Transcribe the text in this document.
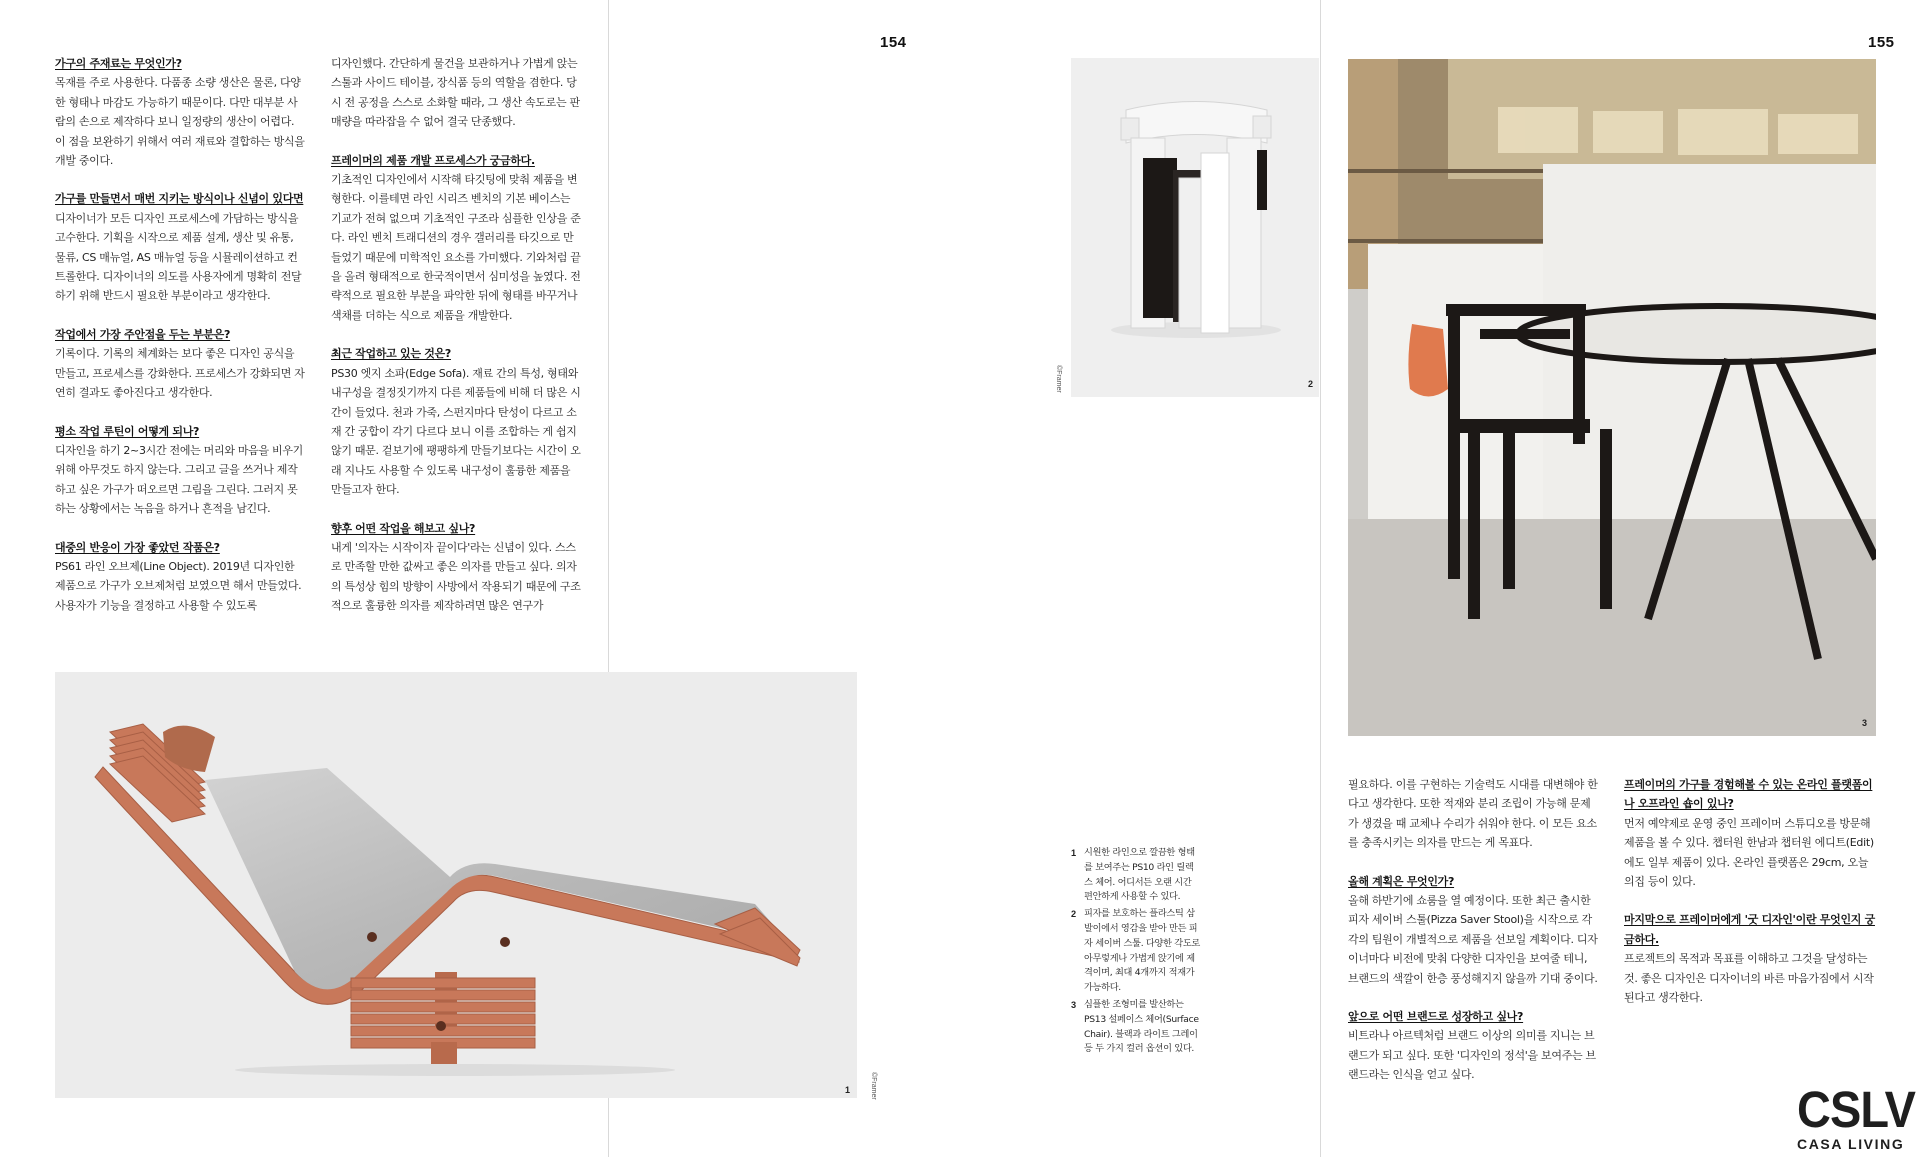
154	155
가구의 주재료는 무엇인가?
목재를 주로 사용한다. 다품종 소량 생산은 물론, 다양한 형태나 마감도 가능하기 때문이다. 다만 대부분 사람의 손으로 제작하다 보니 일정량의 생산이 어렵다. 이 점을 보완하기 위해서 여러 재료와 결합하는 방식을 개발 중이다.
가구를 만들면서 매번 지키는 방식이나 신념이 있다면
디자이너가 모든 디자인 프로세스에 가담하는 방식을 고수한다. 기획을 시작으로 제품 설계, 생산 및 유통, 물류, CS 매뉴얼, AS 매뉴얼 등을 시뮬레이션하고 컨트롤한다. 디자이너의 의도를 사용자에게 명확히 전달하기 위해 반드시 필요한 부분이라고 생각한다.
작업에서 가장 주안점을 두는 부분은?
기록이다. 기록의 체계화는 보다 좋은 디자인 공식을 만들고, 프로세스를 강화한다. 프로세스가 강화되면 자연히 결과도 좋아진다고 생각한다.
평소 작업 루틴이 어떻게 되나?
디자인을 하기 2~3시간 전에는 머리와 마음을 비우기 위해 아무것도 하지 않는다. 그리고 글을 쓰거나 제작하고 싶은 가구가 떠오르면 그림을 그린다. 그러지 못하는 상황에서는 녹음을 하거나 흔적을 남긴다.
대중의 반응이 가장 좋았던 작품은?
PS61 라인 오브제(Line Object). 2019년 디자인한 제품으로 가구가 오브제처럼 보였으면 해서 만들었다. 사용자가 기능을 결정하고 사용할 수 있도록
디자인했다. 간단하게 물건을 보관하거나 가볍게 앉는 스툴과 사이드 테이블, 장식품 등의 역할을 겸한다. 당시 전 공정을 스스로 소화할 때라, 그 생산 속도로는 판매량을 따라잡을 수 없어 결국 단종했다.
프레이머의 제품 개발 프로세스가 궁금하다.
기초적인 디자인에서 시작해 타깃팅에 맞춰 제품을 변형한다. 이를테면 라인 시리즈 벤치의 기본 베이스는 기교가 전혀 없으며 기초적인 구조라 심플한 인상을 준다. 라인 벤치 트래디션의 경우 갤러리를 타깃으로 만들었기 때문에 미학적인 요소를 가미했다. 기와처럼 끝을 올려 형태적으로 한국적이면서 심미성을 높였다. 전략적으로 필요한 부분을 파악한 뒤에 형태를 바꾸거나 색채를 더하는 식으로 제품을 개발한다.
최근 작업하고 있는 것은?
PS30 엣지 소파(Edge Sofa). 재료 간의 특성, 형태와 내구성을 결정짓기까지 다른 제품들에 비해 더 많은 시간이 들었다. 천과 가죽, 스펀지마다 탄성이 다르고 소재 간 궁합이 각기 다르다 보니 이를 조합하는 게 쉽지 않기 때문. 겉보기에 팽팽하게 만들기보다는 시간이 오래 지나도 사용할 수 있도록 내구성이 훌륭한 제품을 만들고자 한다.
향후 어떤 작업을 해보고 싶나?
내게 '의자는 시작이자 끝이다'라는 신념이 있다. 스스로 만족할 만한 값싸고 좋은 의자를 만들고 싶다. 의자의 특성상 힘의 방향이 사방에서 작용되기 때문에 구조적으로 훌륭한 의자를 제작하려면 많은 연구가
1	©Framer
2
©Framer
3
1 시원한 라인으로 깔끔한 형태를 보여주는 PS10 라인 릴렉스 체어. 어디서든 오랜 시간 편안하게 사용할 수 있다.
2 피자를 보호하는 플라스틱 삼발이에서 영감을 받아 만든 피자 세이버 스툴. 다양한 각도로 아무렇게나 가볍게 앉기에 제격이며, 최대 4개까지 적재가 가능하다.
3 심플한 조형미를 발산하는 PS13 설페이스 체어(Surface Chair). 블랙과 라이트 그레이 등 두 가지 컬러 옵션이 있다.
필요하다. 이를 구현하는 기술력도 시대를 대변해야 한다고 생각한다. 또한 적재와 분리 조립이 가능해 문제가 생겼을 때 교체나 수리가 쉬워야 한다. 이 모든 요소를 충족시키는 의자를 만드는 게 목표다.
올해 계획은 무엇인가?
올해 하반기에 쇼룸을 열 예정이다. 또한 최근 출시한 피자 세이버 스툴(Pizza Saver Stool)을 시작으로 각각의 팀원이 개별적으로 제품을 선보일 계획이다. 디자이너마다 비전에 맞춰 다양한 디자인을 보여줄 테니, 브랜드의 색깔이 한층 풍성해지지 않을까 기대 중이다.
앞으로 어떤 브랜드로 성장하고 싶나?
비트라나 아르텍처럼 브랜드 이상의 의미를 지니는 브랜드가 되고 싶다. 또한 '디자인의 정석'을 보여주는 브랜드라는 인식을 얻고 싶다.
프레이머의 가구를 경험해볼 수 있는 온라인 플랫폼이나 오프라인 숍이 있나?
먼저 예약제로 운영 중인 프레이머 스튜디오를 방문해 제품을 볼 수 있다. 챕터원 한남과 챕터원 에디트(Edit)에도 일부 제품이 있다. 온라인 플랫폼은 29cm, 오늘의집 등이 있다.
마지막으로 프레이머에게 '굿 디자인'이란 무엇인지 궁금하다.
프로젝트의 목적과 목표를 이해하고 그것을 달성하는 것. 좋은 디자인은 디자이너의 바른 마음가짐에서 시작된다고 생각한다.
CSLV
CASA LIVING
